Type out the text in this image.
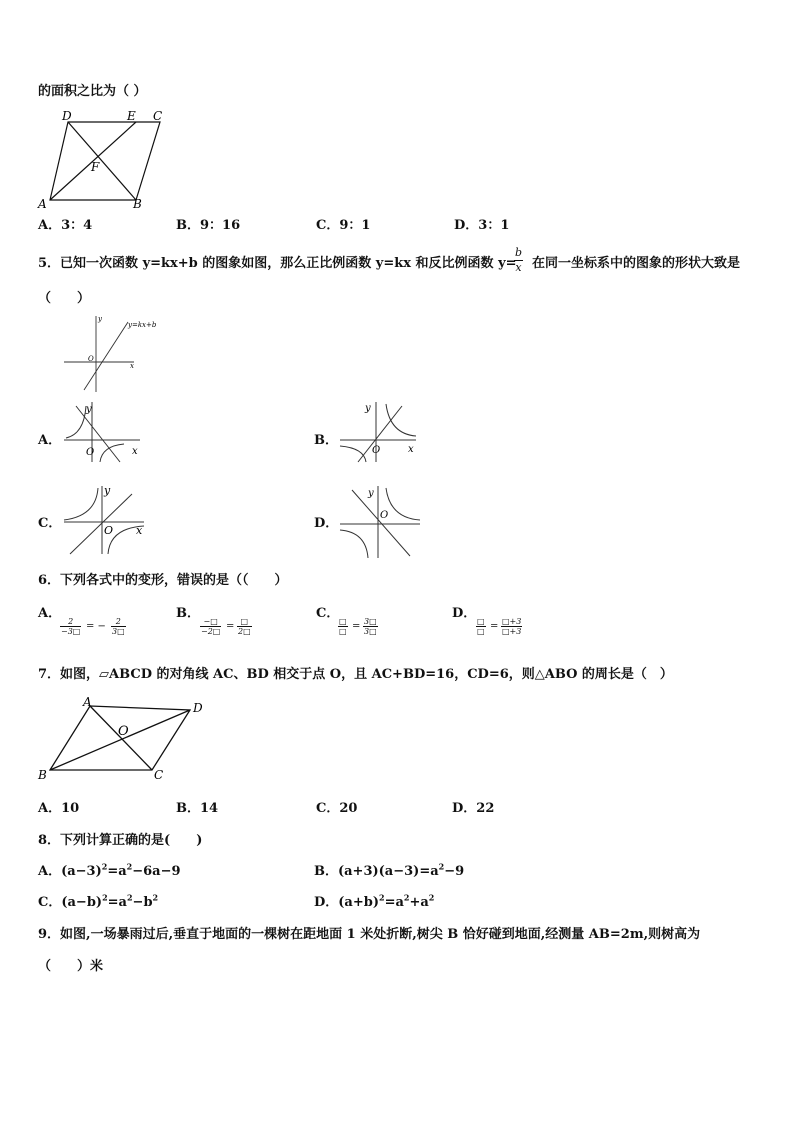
的面积之比为（ ）
D	E C
F
A	B
A．3：4	B．9：16	C．9：1	D．3：1
5．已知一次函数 y=kx+b 的图象如图，那么正比例函数 y=kx 和反比例函数 y=
$\frac{b}{x}$ 在同一坐标系中的图象的形状大致是
（　　）
y
O
x
y=kx+b
A．
y
O	x
B．
y
O	x
C．
y
O x	D．
y
O
6．下列各式中的变形，错误的是（（　　）
A．
$\frac{2}{-3□}$ = − $\frac{2}{3□}$
B．
−□
−2□ = □
2□
C．
□
□ = $\frac{3□}{3□}$
D．
□
□ = $\frac{□+3}{□+3}$
7．如图，▱ABCD 的对角线 AC、BD 相交于点 O，且 AC+BD=16，CD=6，则△ABO 的周长是（　）
A	D
O
B	C
A．10	B．14	C．20	D．22
8．下列计算正确的是(　　)
A．$(a-3)^2=a^2-6a-9$	B．$(a+3)(a-3)=a^2-9$
C．$(a-b)^2=a^2-b^2$	D．$(a+b)^2=a^2+a^2$
9．如图,一场暴雨过后,垂直于地面的一棵树在距地面 1 米处折断,树尖 B 恰好碰到地面,经测量 AB=2m,则树高为
（　　）米
